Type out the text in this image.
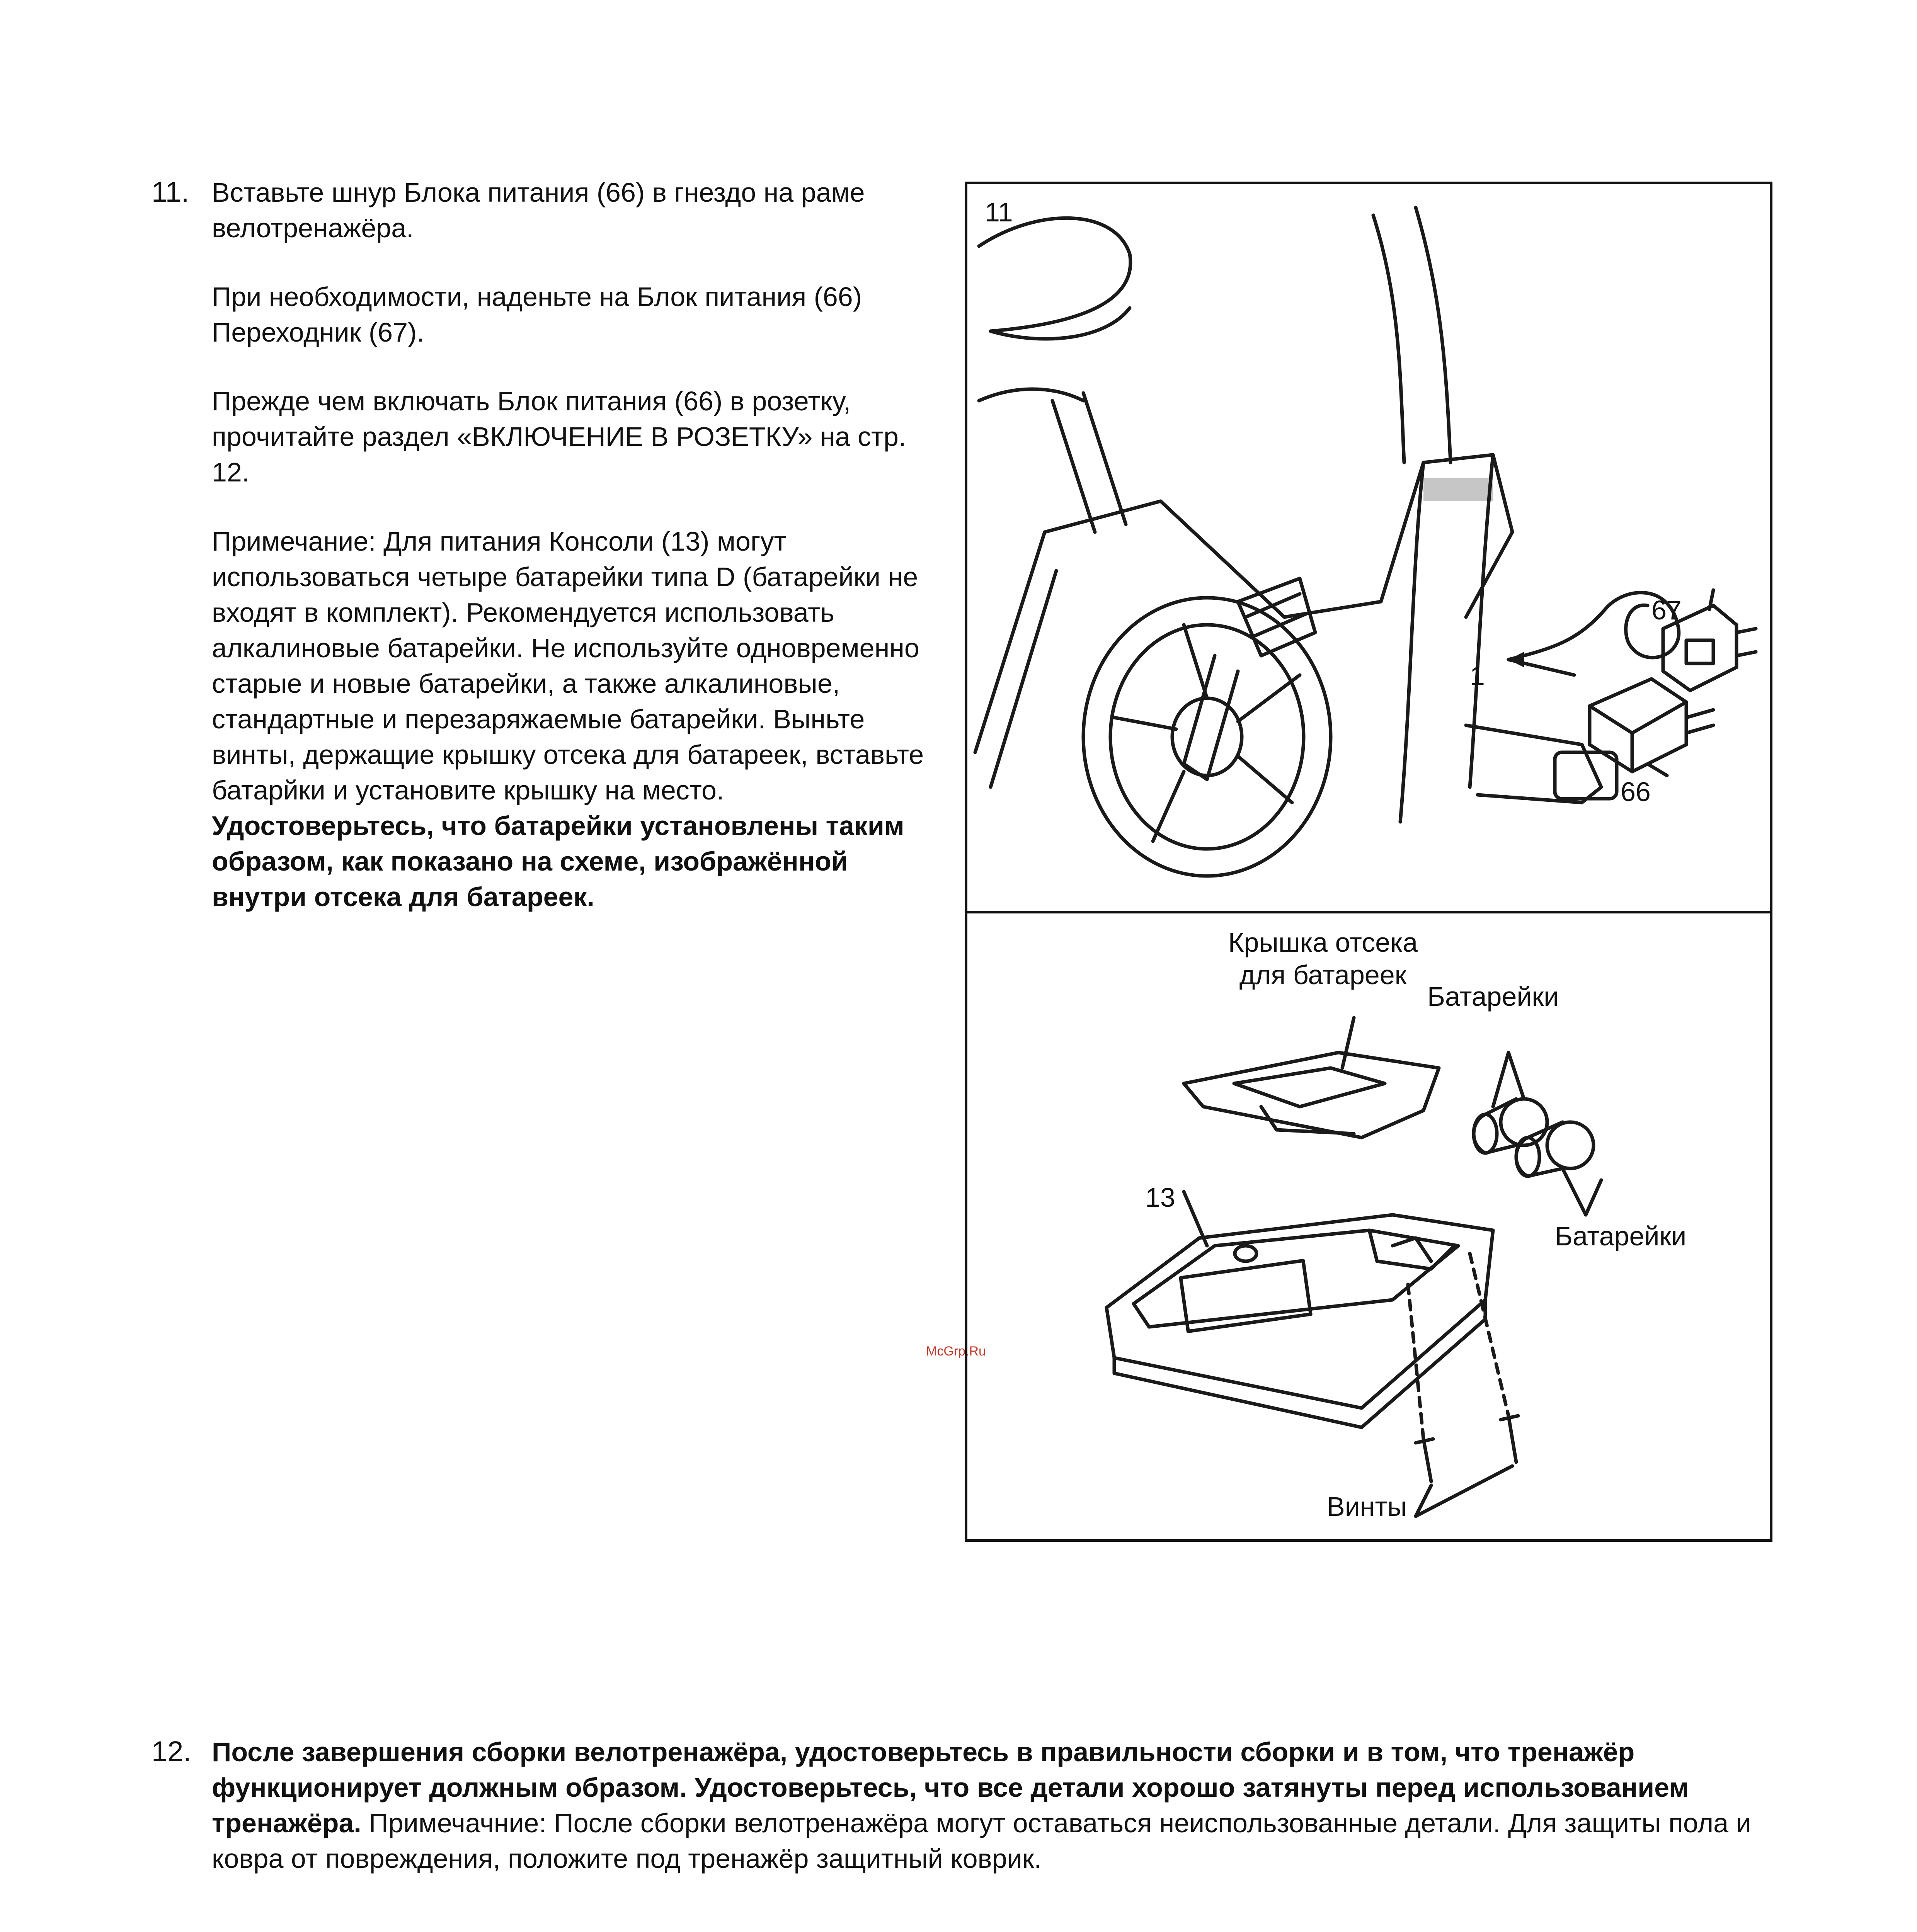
11. Вставьте шнур Блока питания (66) в гнездо на раме велотренажёра.

При необходимости, наденьте на Блок питания (66) Переходник (67).

Прежде чем включать Блок питания (66) в розетку, прочитайте раздел «ВКЛЮЧЕНИЕ В РОЗЕТКУ» на стр. 12.

Примечание: Для питания Консоли (13) могут использоваться четыре батарейки типа D (батарейки не входят в комплект). Рекомендуется использовать алкалиновые батарейки. Не используйте одновременно старые и новые батарейки, а также алкалиновые, стандартные и перезаряжаемые батарейки. Выньте винты, держащие крышку отсека для батареек, вставьте батарйки и установите крышку на место. Удостоверьтесь, что батарейки установлены таким образом, как показано на схеме, изображённой внутри отсека для батареек.

11
67
1
66
Крышка отсека
для батареек
Батарейки
Батарейки
13
Винты
McGrp.Ru
12. После завершения сборки велотренажёра, удостоверьтесь в правильности сборки и в том, что тренажёр функционирует должным образом. Удостоверьтесь, что все детали хорошо затянуты перед использованием тренажёра. Примечачние: После сборки велотренажёра могут оставаться неиспользованные детали. Для защиты пола и ковра от повреждения, положите под тренажёр защитный коврик.
